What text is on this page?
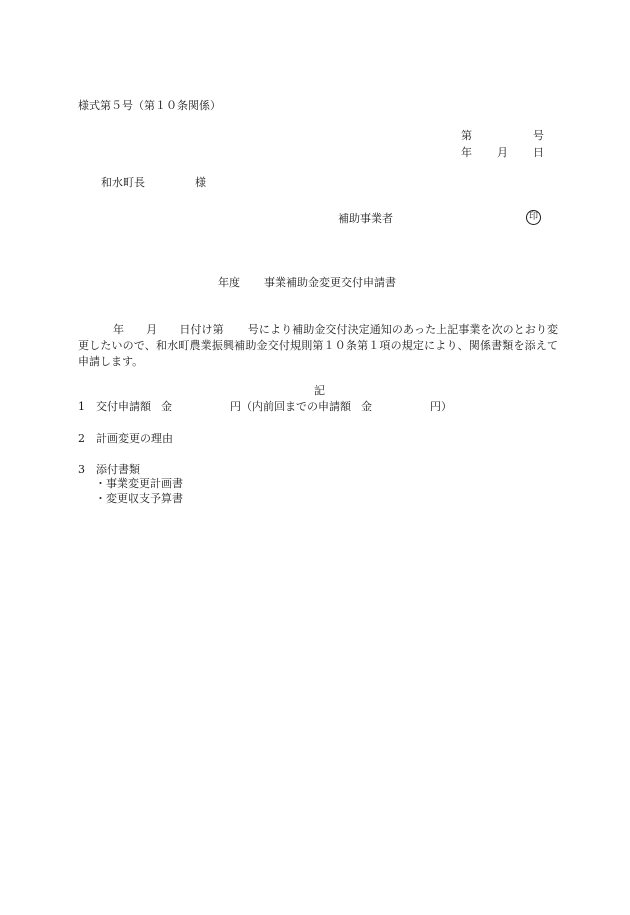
様式第５号（第１０条関係）
第	号
年 月 日
和水町長	様
補助事業者	印
年度 事業補助金変更交付申請書
年 月 日付け第 号により補助金交付決定通知のあった上記事業を次のとおり変更したいので、和水町農業振興補助金交付規則第１０条第１項の規定により、関係書類を添えて申請します。
記
1 交付申請額 金	円（内前回までの申請額 金	円）
2 計画変更の理由
3 添付書類
・事業変更計画書
・変更収支予算書
